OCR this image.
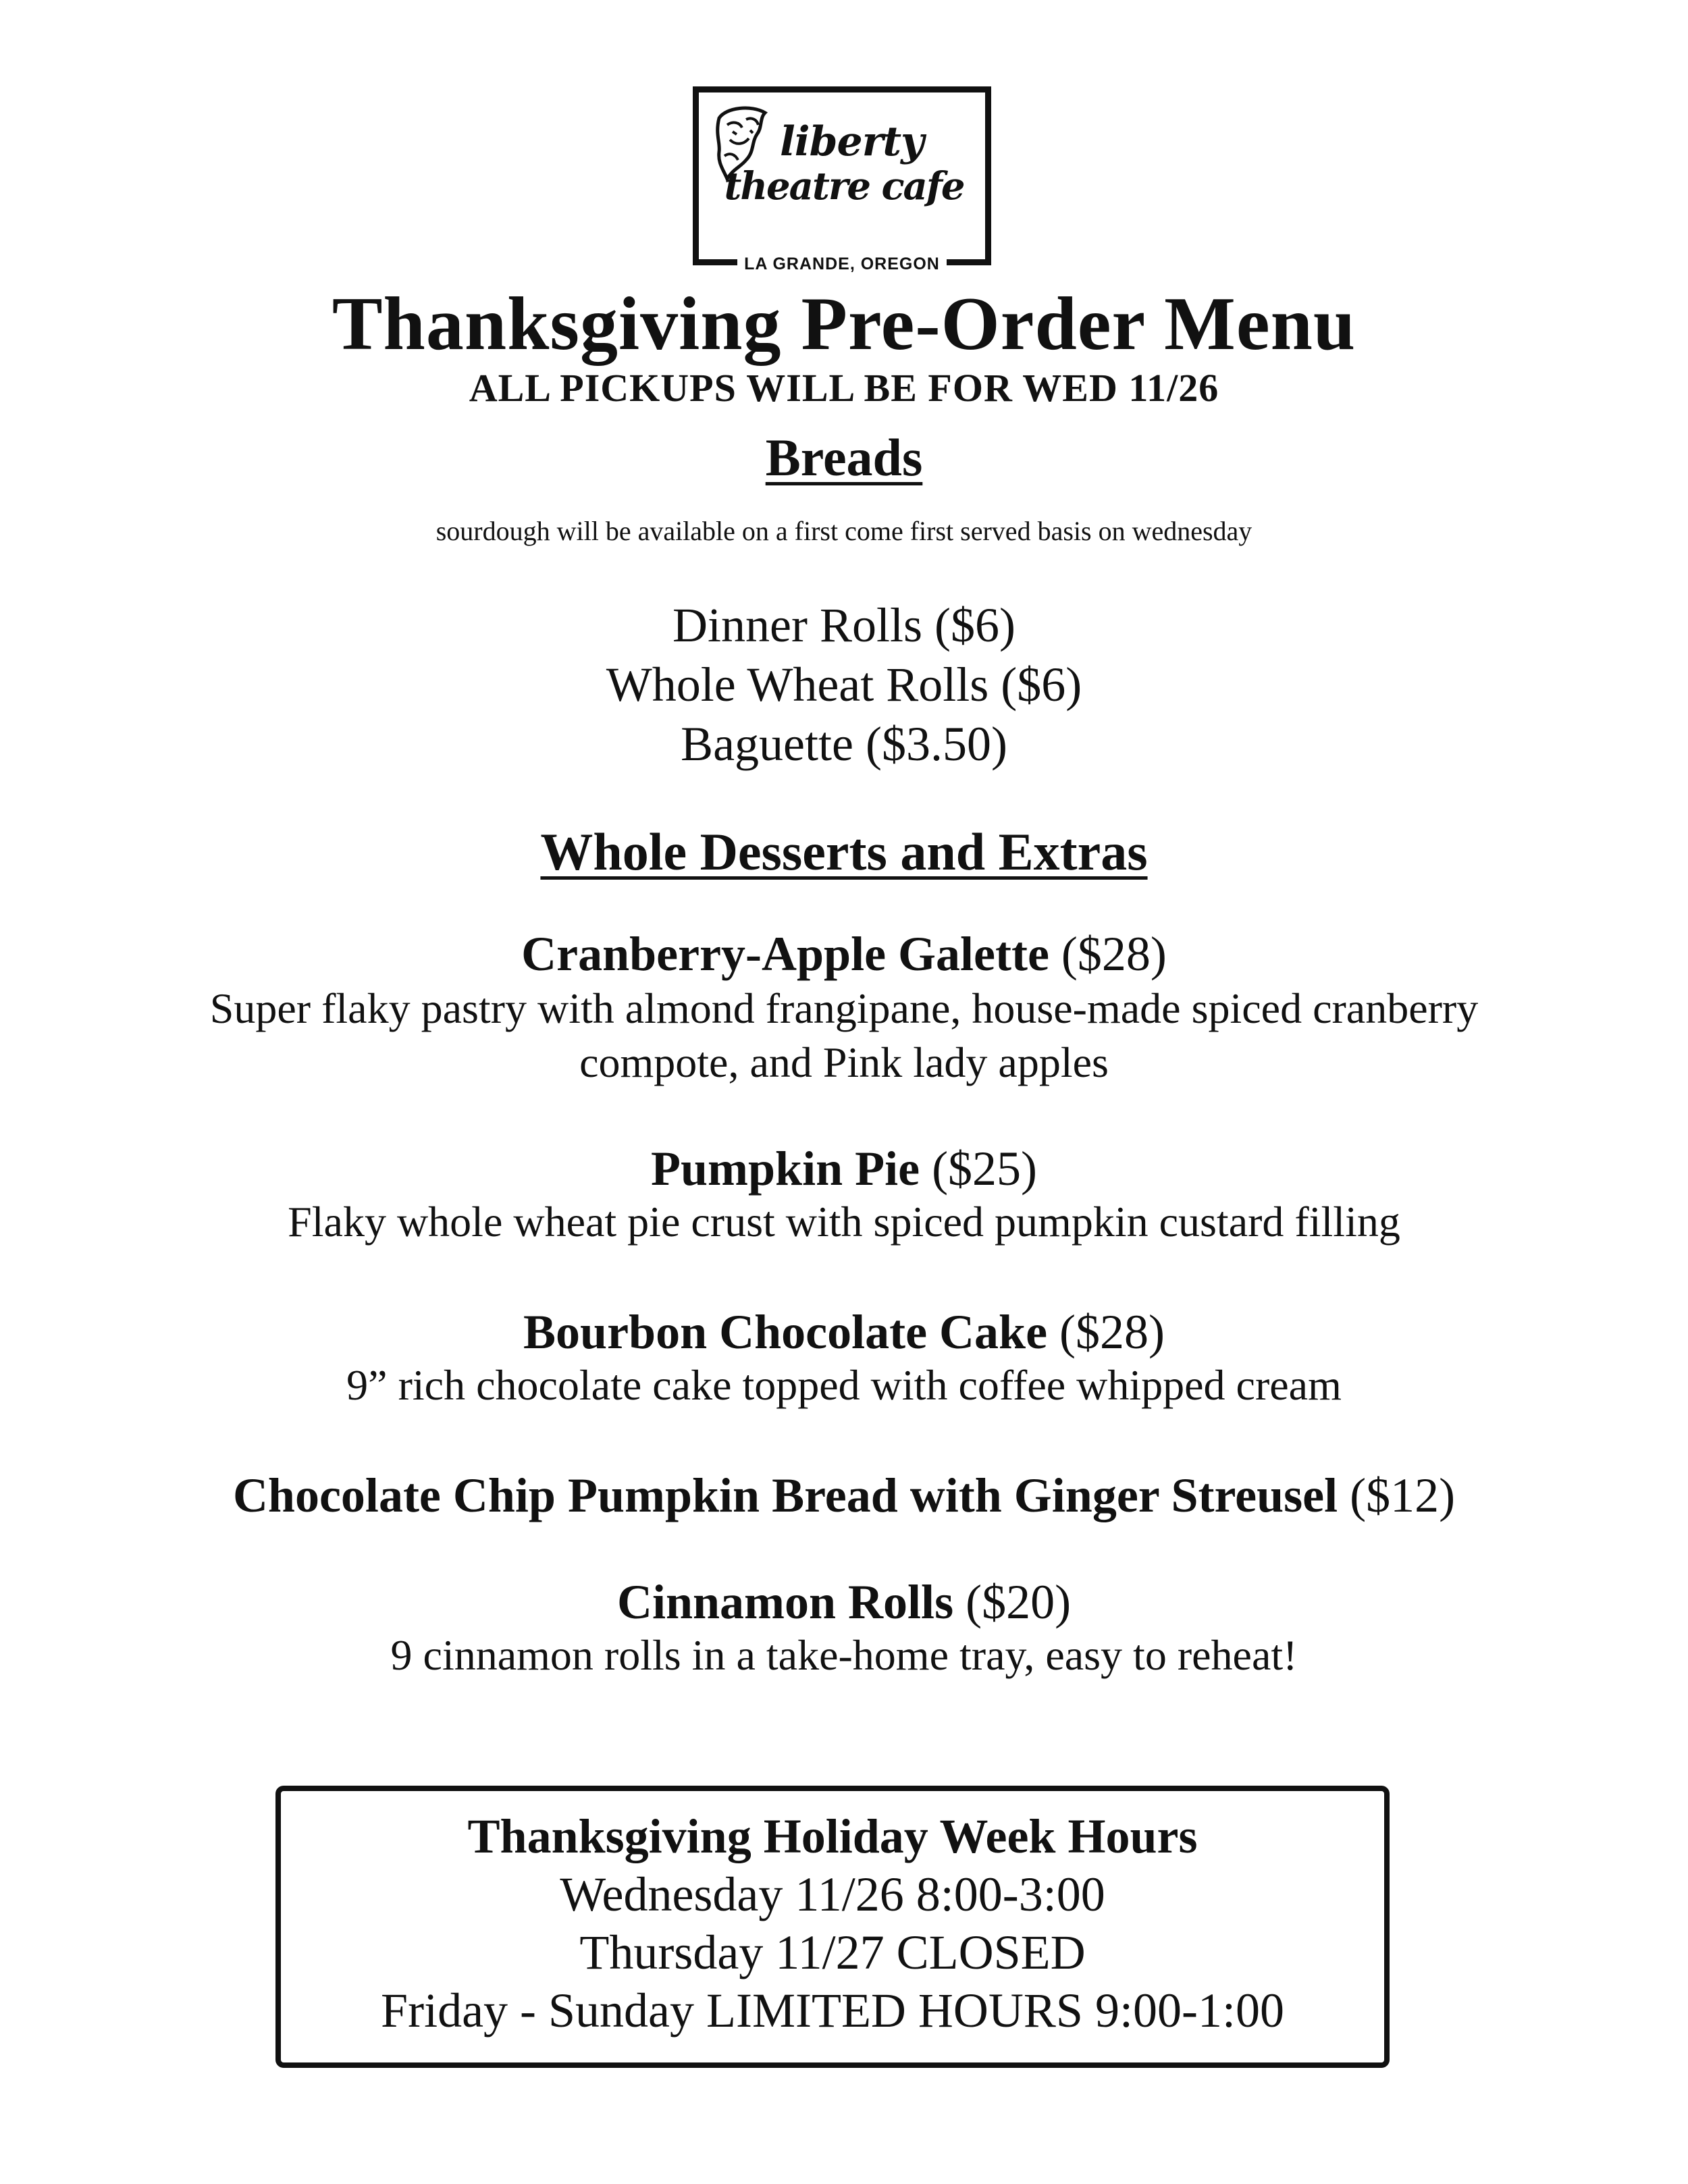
liberty
theatre cafe
LA GRANDE, OREGON
Thanksgiving Pre-Order Menu
ALL PICKUPS WILL BE FOR WED 11/26
Breads
sourdough will be available on a first come first served basis on wednesday
Dinner Rolls ($6)
Whole Wheat Rolls ($6)
Baguette ($3.50)
Whole Desserts and Extras
Cranberry-Apple Galette ($28)
Super flaky pastry with almond frangipane, house-made spiced cranberry
compote, and Pink lady apples
Pumpkin Pie ($25)
Flaky whole wheat pie crust with spiced pumpkin custard filling
Bourbon Chocolate Cake ($28)
9” rich chocolate cake topped with coffee whipped cream
Chocolate Chip Pumpkin Bread with Ginger Streusel ($12)
Cinnamon Rolls ($20)
9 cinnamon rolls in a take-home tray, easy to reheat!
Thanksgiving Holiday Week Hours
Wednesday 11/26 8:00-3:00
Thursday 11/27 CLOSED
Friday - Sunday LIMITED HOURS 9:00-1:00
